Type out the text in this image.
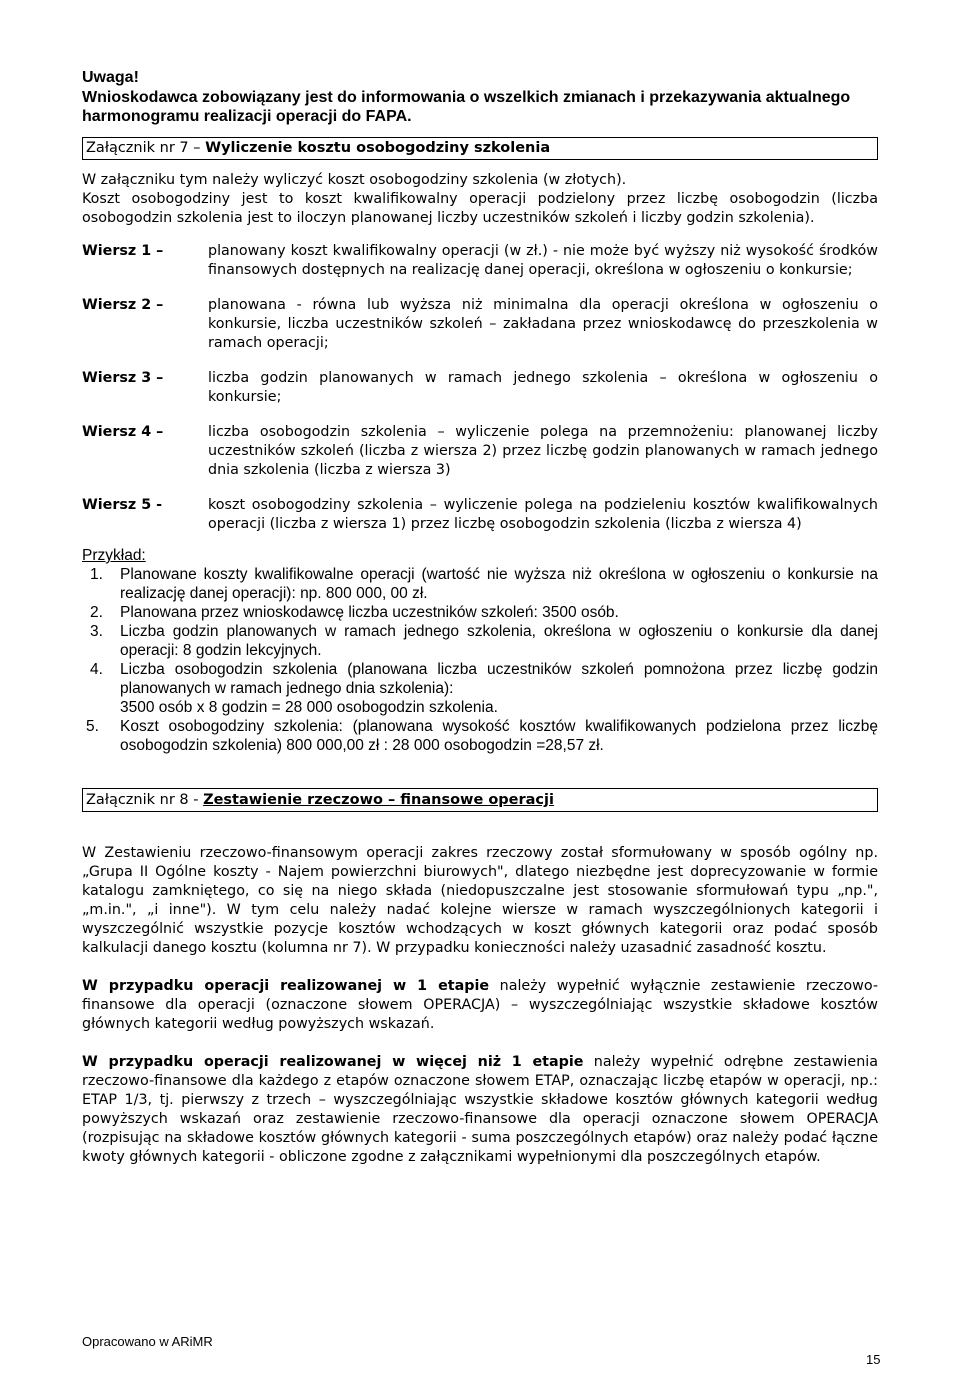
Uwaga!
Wnioskodawca zobowiązany jest do informowania o wszelkich zmianach i przekazywania aktualnego harmonogramu realizacji operacji do FAPA.
Załącznik nr 7 – Wyliczenie kosztu osobogodziny szkolenia
W załączniku tym należy wyliczyć koszt osobogodziny szkolenia (w złotych).
Koszt osobogodziny jest to koszt kwalifikowalny operacji podzielony przez liczbę osobogodzin (liczba osobogodzin szkolenia jest to iloczyn planowanej liczby uczestników szkoleń i liczby godzin szkolenia).
Wiersz 1 –	planowany koszt kwalifikowalny operacji (w zł.) - nie może być wyższy niż wysokość środków finansowych dostępnych na realizację danej operacji, określona w ogłoszeniu o konkursie;
Wiersz 2 –	planowana - równa lub wyższa niż minimalna dla operacji określona w ogłoszeniu o konkursie, liczba uczestników szkoleń – zakładana przez wnioskodawcę do przeszkolenia w ramach operacji;
Wiersz 3 –	liczba godzin planowanych w ramach jednego szkolenia – określona w ogłoszeniu o konkursie;
Wiersz 4 –	liczba osobogodzin szkolenia – wyliczenie polega na przemnożeniu: planowanej liczby uczestników szkoleń (liczba z wiersza 2) przez liczbę godzin planowanych w ramach jednego dnia szkolenia (liczba z wiersza 3)
Wiersz 5 -	koszt osobogodziny szkolenia – wyliczenie polega na podzieleniu kosztów kwalifikowalnych operacji (liczba z wiersza 1) przez liczbę osobogodzin szkolenia (liczba z wiersza 4)
Przykład:
1.	Planowane koszty kwalifikowalne operacji (wartość nie wyższa niż określona w ogłoszeniu o konkursie na realizację danej operacji): np. 800 000, 00 zł.
2.	Planowana przez wnioskodawcę liczba uczestników szkoleń: 3500 osób.
3.	Liczba godzin planowanych w ramach jednego szkolenia, określona w ogłoszeniu o konkursie dla danej operacji: 8 godzin lekcyjnych.
4.	Liczba osobogodzin szkolenia (planowana liczba uczestników szkoleń pomnożona przez liczbę godzin planowanych w ramach jednego dnia szkolenia):
3500 osób x 8 godzin = 28 000 osobogodzin szkolenia.
5.	Koszt osobogodziny szkolenia: (planowana wysokość kosztów kwalifikowanych podzielona przez liczbę osobogodzin szkolenia) 800 000,00 zł : 28 000 osobogodzin =28,57 zł.
Załącznik nr 8 - Zestawienie rzeczowo – finansowe operacji
W Zestawieniu rzeczowo-finansowym operacji zakres rzeczowy został sformułowany w sposób ogólny np. „Grupa II Ogólne koszty - Najem powierzchni biurowych", dlatego niezbędne jest doprecyzowanie w formie katalogu zamkniętego, co się na niego składa (niedopuszczalne jest stosowanie sformułowań typu „np.", „m.in.", „i inne"). W tym celu należy nadać kolejne wiersze w ramach wyszczególnionych kategorii i wyszczególnić wszystkie pozycje kosztów wchodzących w koszt głównych kategorii oraz podać sposób kalkulacji danego kosztu (kolumna nr 7). W przypadku konieczności należy uzasadnić zasadność kosztu.
W przypadku operacji realizowanej w 1 etapie należy wypełnić wyłącznie zestawienie rzeczowo-finansowe dla operacji (oznaczone słowem OPERACJA) – wyszczególniając wszystkie składowe kosztów głównych kategorii według powyższych wskazań.
W przypadku operacji realizowanej w więcej niż 1 etapie należy wypełnić odrębne zestawienia rzeczowo-finansowe dla każdego z etapów oznaczone słowem ETAP, oznaczając liczbę etapów w operacji, np.: ETAP 1/3, tj. pierwszy z trzech – wyszczególniając wszystkie składowe kosztów głównych kategorii według powyższych wskazań oraz zestawienie rzeczowo-finansowe dla operacji oznaczone słowem OPERACJA (rozpisując na składowe kosztów głównych kategorii - suma poszczególnych etapów) oraz należy podać łączne kwoty głównych kategorii - obliczone zgodne z załącznikami wypełnionymi dla poszczególnych etapów.
Opracowano w ARiMR
15
